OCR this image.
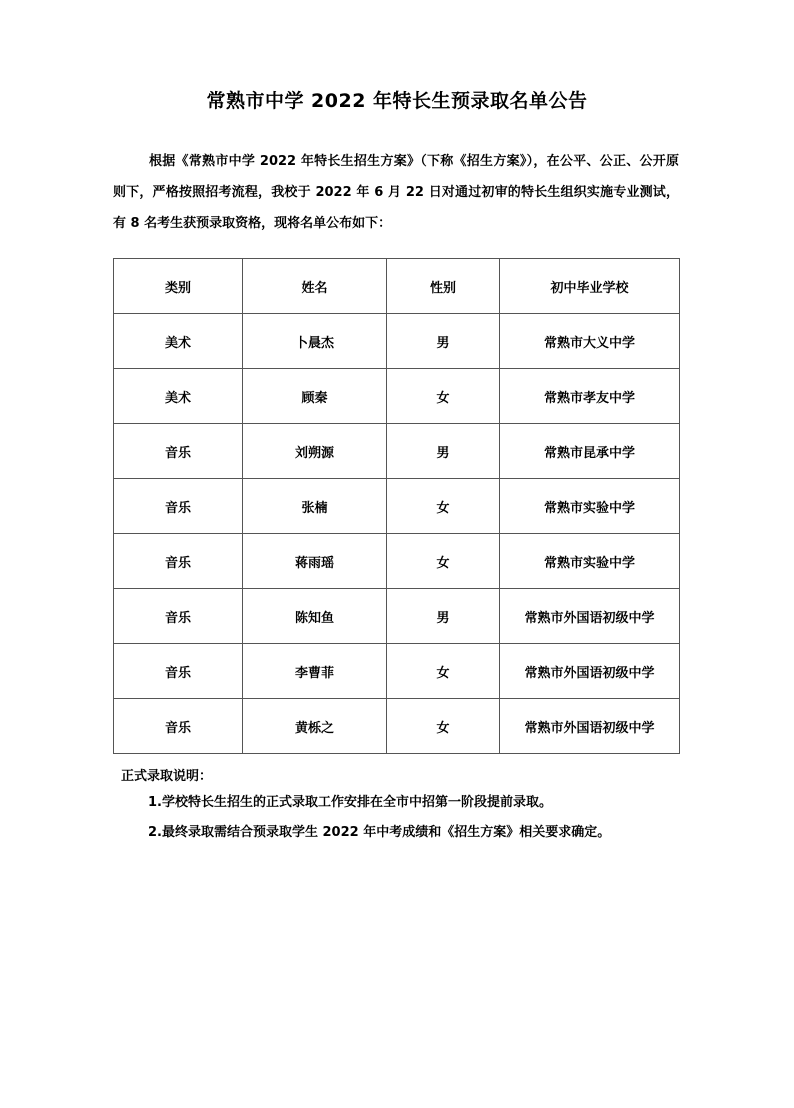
常熟市中学 2022 年特长生预录取名单公告
根据《常熟市中学 2022 年特长生招生方案》（下称《招生方案》），在公平、公正、公开原则下，严格按照招考流程，我校于 2022 年 6 月 22 日对通过初审的特长生组织实施专业测试，有 8 名考生获预录取资格，现将名单公布如下：
类别	姓名	性别	初中毕业学校
美术	卜晨杰	男	常熟市大义中学
美术	顾秦	女	常熟市孝友中学
音乐	刘朔源	男	常熟市昆承中学
音乐	张楠	女	常熟市实验中学
音乐	蒋雨瑶	女	常熟市实验中学
音乐	陈知鱼	男	常熟市外国语初级中学
音乐	李曹菲	女	常熟市外国语初级中学
音乐	黄栎之	女	常熟市外国语初级中学
正式录取说明：
1.学校特长生招生的正式录取工作安排在全市中招第一阶段提前录取。
2.最终录取需结合预录取学生 2022 年中考成绩和《招生方案》相关要求确定。
